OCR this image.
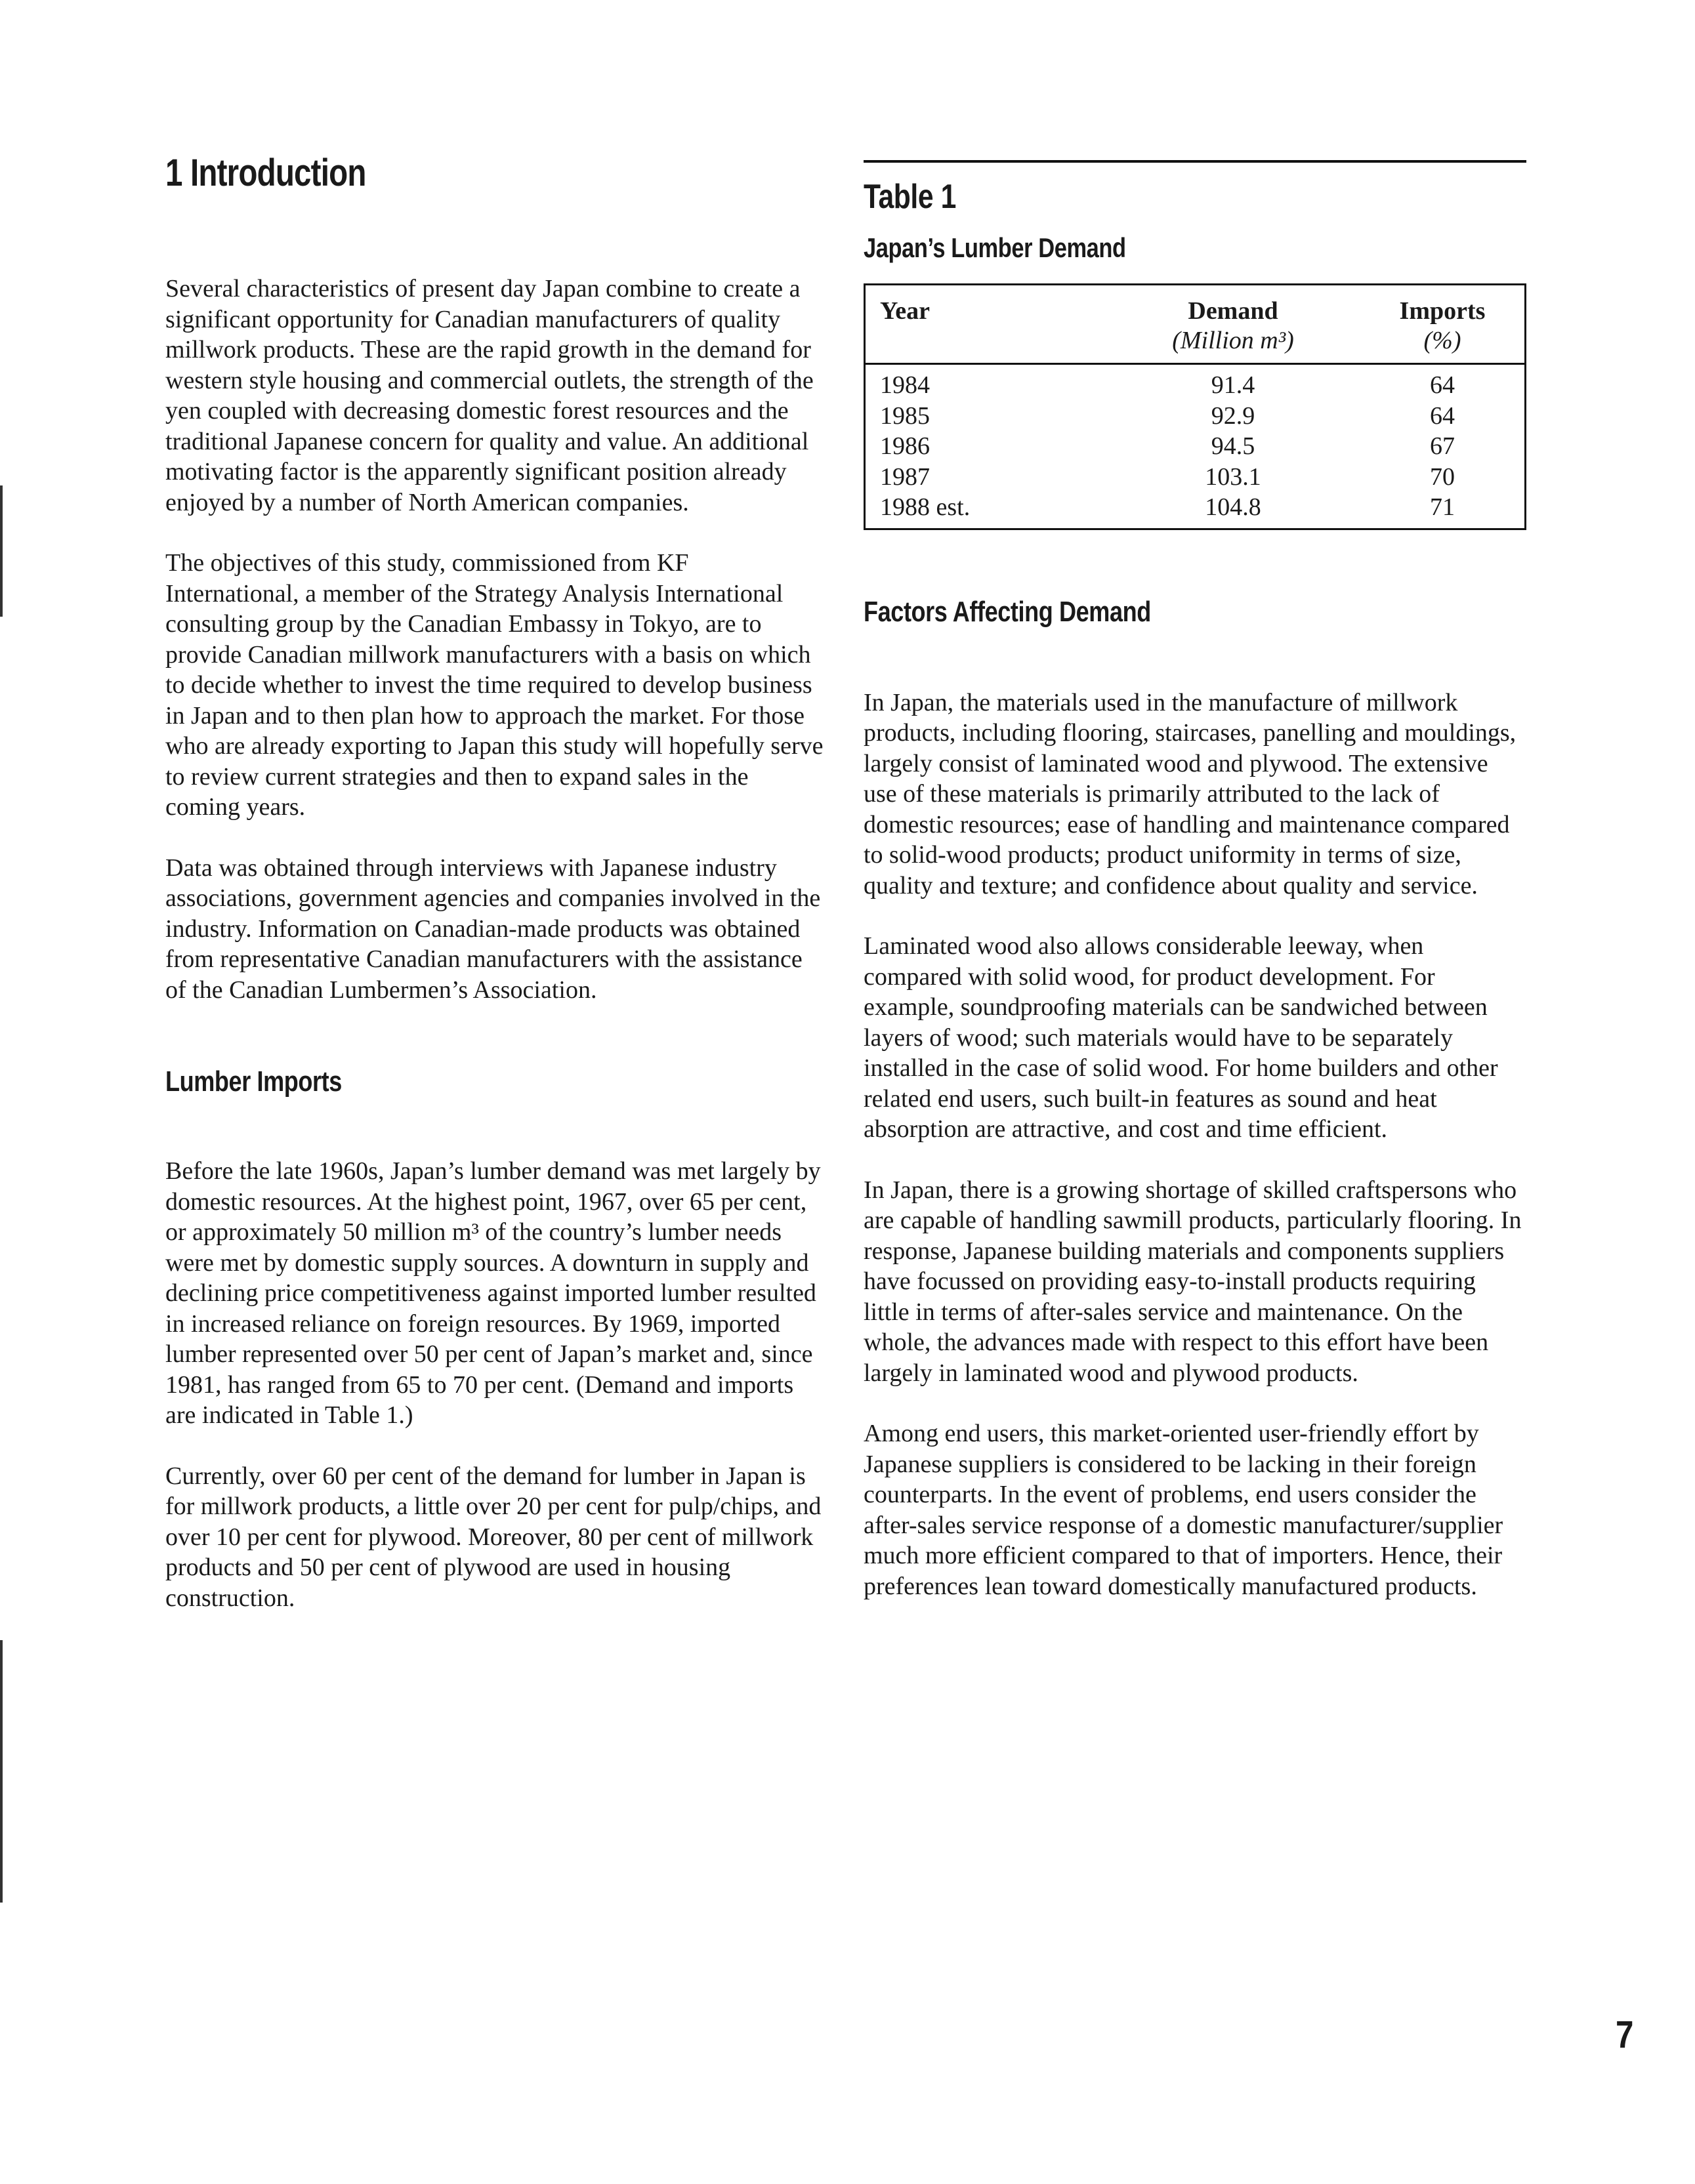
1 Introduction

Several characteristics of present day Japan combine to create a significant opportunity for Canadian manufacturers of quality millwork products. These are the rapid growth in the demand for western style housing and commercial outlets, the strength of the yen coupled with decreasing domestic forest resources and the traditional Japanese concern for quality and value. An additional motivating factor is the apparently significant position already enjoyed by a number of North American companies.

The objectives of this study, commissioned from KF International, a member of the Strategy Analysis International consulting group by the Canadian Embassy in Tokyo, are to provide Canadian millwork manufacturers with a basis on which to decide whether to invest the time required to develop business in Japan and to then plan how to approach the market. For those who are already exporting to Japan this study will hopefully serve to review current strategies and then to expand sales in the coming years.

Data was obtained through interviews with Japanese industry associations, government agencies and companies involved in the industry. Information on Canadian-made products was obtained from representative Canadian manufacturers with the assistance of the Canadian Lumbermen’s Association.

Lumber Imports

Before the late 1960s, Japan’s lumber demand was met largely by domestic resources. At the highest point, 1967, over 65 per cent, or approximately 50 million m³ of the country’s lumber needs were met by domestic supply sources. A downturn in supply and declining price competitiveness against imported lumber resulted in increased reliance on foreign resources. By 1969, imported lumber represented over 50 per cent of Japan’s market and, since 1981, has ranged from 65 to 70 per cent. (Demand and imports are indicated in Table 1.)

Currently, over 60 per cent of the demand for lumber in Japan is for millwork products, a little over 20 per cent for pulp/chips, and over 10 per cent for plywood. Moreover, 80 per cent of millwork products and 50 per cent of plywood are used in housing construction.

Table 1
Japan’s Lumber Demand
Year	Demand	Imports
(Million m³)	(%)
1984	91.4	64
1985	92.9	64
1986	94.5	67
1987	103.1	70
1988 est.	104.8	71
Factors Affecting Demand

In Japan, the materials used in the manufacture of millwork products, including flooring, staircases, panelling and mouldings, largely consist of laminated wood and plywood. The extensive use of these materials is primarily attributed to the lack of domestic resources; ease of handling and maintenance compared to solid-wood products; product uniformity in terms of size, quality and texture; and confidence about quality and service.

Laminated wood also allows considerable leeway, when compared with solid wood, for product development. For example, soundproofing materials can be sandwiched between layers of wood; such materials would have to be separately installed in the case of solid wood. For home builders and other related end users, such built-in features as sound and heat absorption are attractive, and cost and time efficient.

In Japan, there is a growing shortage of skilled craftspersons who are capable of handling sawmill products, particularly flooring. In response, Japanese building materials and components suppliers have focussed on providing easy-to-install products requiring little in terms of after-sales service and maintenance. On the whole, the advances made with respect to this effort have been largely in laminated wood and plywood products.

Among end users, this market-oriented user-friendly effort by Japanese suppliers is considered to be lacking in their foreign counterparts. In the event of problems, end users consider the after-sales service response of a domestic manufacturer/supplier much more efficient compared to that of importers. Hence, their preferences lean toward domestically manufactured products.

7
